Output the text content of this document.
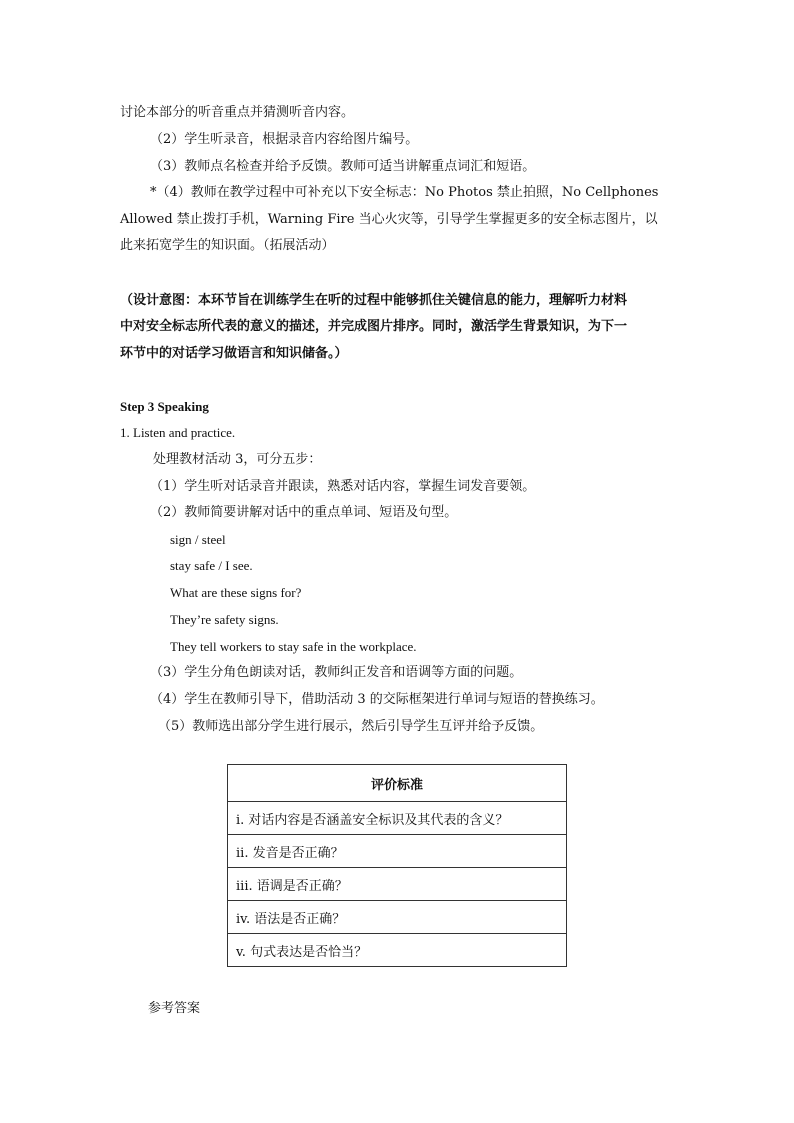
讨论本部分的听音重点并猜测听音内容。
（2）学生听录音，根据录音内容给图片编号。
（3）教师点名检查并给予反馈。教师可适当讲解重点词汇和短语。
*（4）教师在教学过程中可补充以下安全标志：No Photos 禁止拍照，No Cellphones
Allowed 禁止拨打手机，Warning Fire 当心火灾等，引导学生掌握更多的安全标志图片，以
此来拓宽学生的知识面。（拓展活动）
（设计意图：本环节旨在训练学生在听的过程中能够抓住关键信息的能力，理解听力材料
中对安全标志所代表的意义的描述，并完成图片排序。同时，激活学生背景知识，为下一
环节中的对话学习做语言和知识储备。）
Step 3 Speaking
1. Listen and practice.
处理教材活动 3，可分五步：
（1）学生听对话录音并跟读，熟悉对话内容，掌握生词发音要领。
（2）教师简要讲解对话中的重点单词、短语及句型。
sign / steel
stay safe / I see.
What are these signs for?
They’re safety signs.
They tell workers to stay safe in the workplace.
（3）学生分角色朗读对话，教师纠正发音和语调等方面的问题。
（4）学生在教师引导下，借助活动 3 的交际框架进行单词与短语的替换练习。
（5）教师选出部分学生进行展示，然后引导学生互评并给予反馈。
评价标准
i. 对话内容是否涵盖安全标识及其代表的含义？
ii. 发音是否正确？
iii. 语调是否正确？
iv. 语法是否正确？
v. 句式表达是否恰当？
参考答案
